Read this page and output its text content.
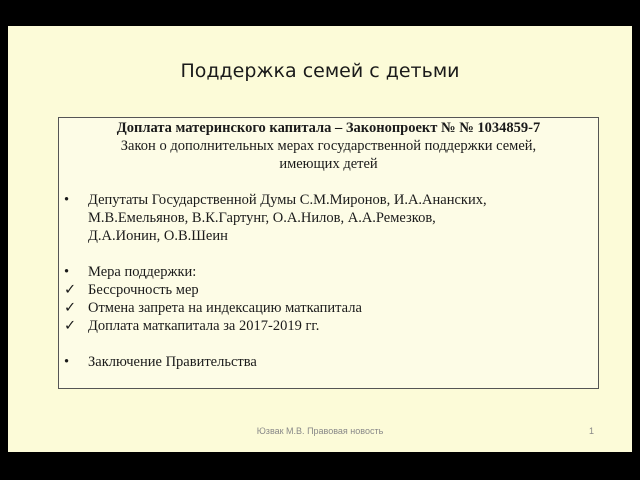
Поддержка семей с детьми
Доплата материнского капитала – Законопроект № № 1034859-7
Закон о дополнительных мерах государственной поддержки семей,
имеющих детей
• Депутаты Государственной Думы С.М.Миронов, И.А.Ананских,
М.В.Емельянов, В.К.Гартунг, О.А.Нилов, А.А.Ремезков,
Д.А.Ионин, О.В.Шеин
• Мера поддержки:
✓ Бессрочность мер
✓ Отмена запрета на индексацию маткапитала
✓ Доплата маткапитала за 2017-2019 гг.
• Заключение Правительства
Юзвак М.В. Правовая новость	1
